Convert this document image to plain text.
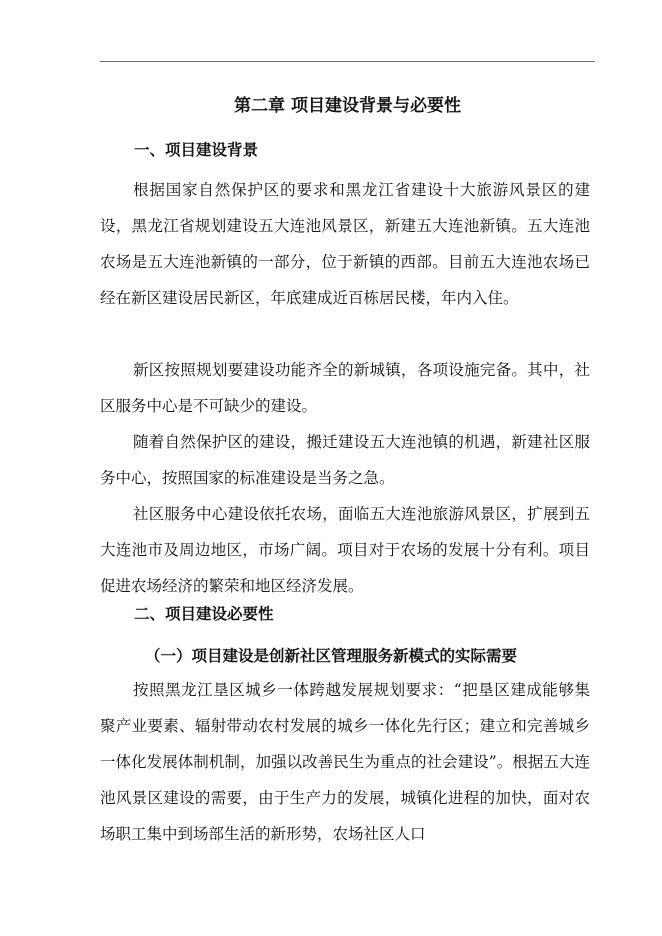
第二章 项目建设背景与必要性
一、项目建设背景

根据国家自然保护区的要求和黑龙江省建设十大旅游风景区的建设，黑龙江省规划建设五大连池风景区，新建五大连池新镇。五大连池农场是五大连池新镇的一部分，位于新镇的西部。目前五大连池农场已经在新区建设居民新区，年底建成近百栋居民楼，年内入住。

新区按照规划要建设功能齐全的新城镇，各项设施完备。其中，社区服务中心是不可缺少的建设。

随着自然保护区的建设，搬迁建设五大连池镇的机遇，新建社区服务中心，按照国家的标准建设是当务之急。

社区服务中心建设依托农场，面临五大连池旅游风景区，扩展到五大连池市及周边地区，市场广阔。项目对于农场的发展十分有利。项目促进农场经济的繁荣和地区经济发展。

二、项目建设必要性
（一）项目建设是创新社区管理服务新模式的实际需要

按照黑龙江垦区城乡一体跨越发展规划要求：“把垦区建成能够集聚产业要素、辐射带动农村发展的城乡一体化先行区；建立和完善城乡一体化发展体制机制，加强以改善民生为重点的社会建设”。根据五大连池风景区建设的需要，由于生产力的发展，城镇化进程的加快，面对农场职工集中到场部生活的新形势，农场社区人口
